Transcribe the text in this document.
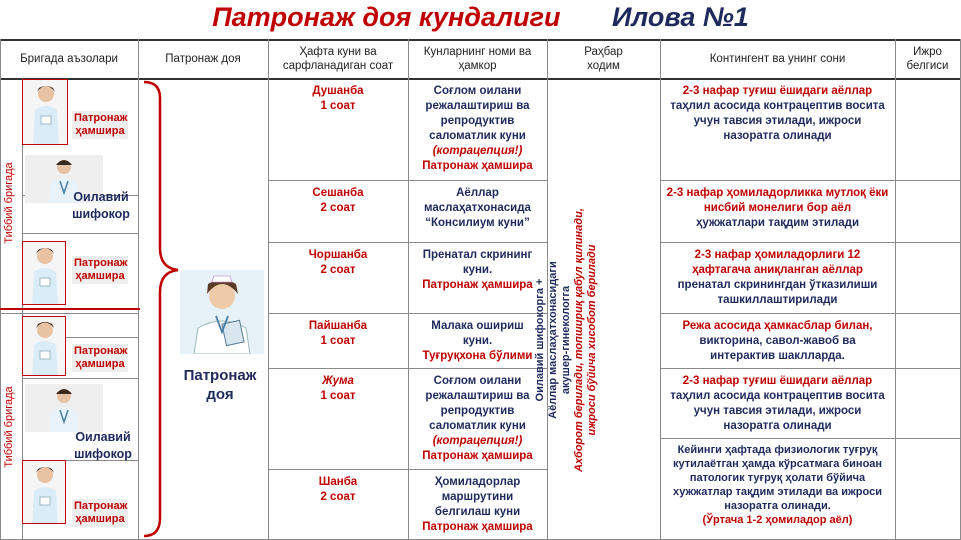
Патронаж доя кундалиги Илова №1
Бригада аъзолари	Патронаж доя
Ҳафта куни ва сарфланадиган соат
Кунларнинг номи ва ҳамкор
Раҳбар ходим
Контингент ва унинг сони
Ижро белгиси
Тиббий бригада
Тиббий бригада
Патронаж ҳамшира
Оилавий шифокор
Патронаж ҳамшира
Патронаж ҳамшира
Оилавий шифокор
Патронаж ҳамшира
Патронаж доя
Душанба
1 соат
Сешанба
2 соат
Чоршанба
2 соат
Пайшанба
1 соат
Жума
1 соат
Шанба
2 соат
Соғлом оилани режалаштириш ва репродуктив саломатлик куни
(котрацепция!)
Патронаж ҳамшира
Аёллар маслаҳатхонасида “Консилиум куни”
Пренатал скрининг куни.
Патронаж ҳамшира
Малака ошириш куни.
Туғруқхона бўлими
Соғлом оилани режалаштириш ва репродуктив саломатлик куни
(котрацепция!)
Патронаж ҳамшира
Ҳомиладорлар маршрутини белгилаш куни
Патронаж ҳамшира
Оилавий шифокорга + Аёллар маслаҳатхонасидаги акушер-гинекологга Ахборот берилади, топшириқ қабул қилинади, ижроси бўйича хисобот берилади
2-3 нафар туғиш ёшидаги аёллар
таҳлил асосида контрацептив восита учун тавсия этилади, ижроси назоратга олинади
2-3 нафар ҳомиладорликка мутлоқ ёки нисбий монелиги бор аёл
ҳужжатлари тақдим этилади
2-3 нафар ҳомиладорлиги 12 ҳафтагача аниқланган аёллар
пренатал скринингдан ўтказилиши ташкиллаштирилади
Режа асосида ҳамкасблар билан,
викторина, савол-жавоб ва интерактив шаклларда.
2-3 нафар туғиш ёшидаги аёллар
таҳлил асосида контрацептив восита учун тавсия этилади, ижроси назоратга олинади
Кейинги ҳафтада физиологик туғруқ кутилаётган ҳамда кўрсатмага биноан патологик туғруқ ҳолати бўйича хужжатлар тақдим этилади ва ижроси назоратга олинади.
(Ўртача 1-2 ҳомиладор аёл)
